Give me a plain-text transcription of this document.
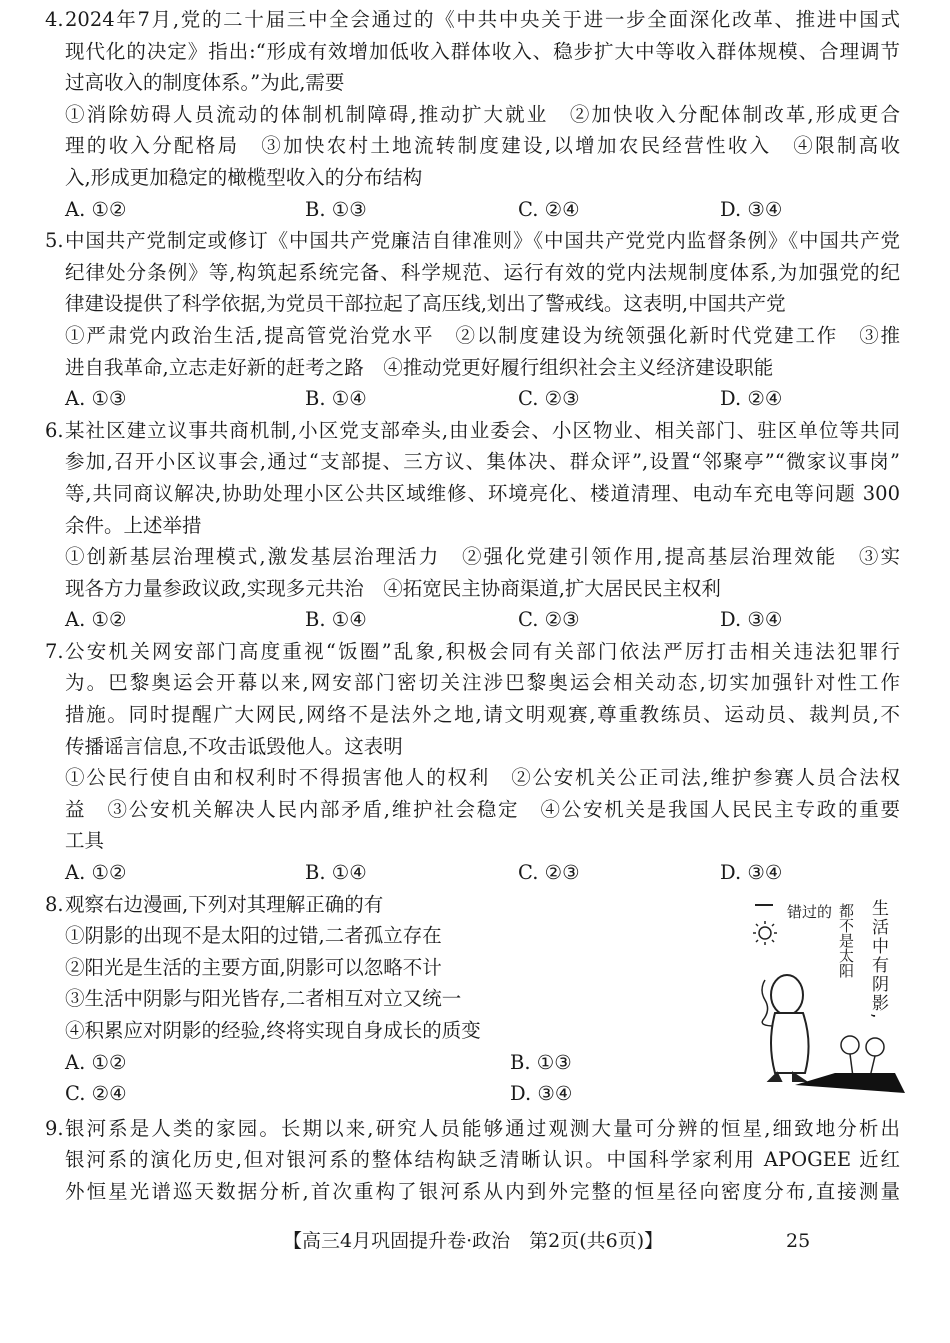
4. 2024年7月,党的二十届三中全会通过的《中共中央关于进一步全面深化改革、推进中国式
现代化的决定》指出:“形成有效增加低收入群体收入、稳步扩大中等收入群体规模、合理调节
过高收入的制度体系。”为此,需要
①消除妨碍人员流动的体制机制障碍,推动扩大就业　②加快收入分配体制改革,形成更合
理的收入分配格局　③加快农村土地流转制度建设,以增加农民经营性收入　④限制高收
入,形成更加稳定的橄榄型收入的分布结构
A. ①②	B. ①③	C. ②④	D. ③④
5. 中国共产党制定或修订《中国共产党廉洁自律准则》《中国共产党党内监督条例》《中国共产党
纪律处分条例》等,构筑起系统完备、科学规范、运行有效的党内法规制度体系,为加强党的纪
律建设提供了科学依据,为党员干部拉起了高压线,划出了警戒线。这表明,中国共产党
①严肃党内政治生活,提高管党治党水平　②以制度建设为统领强化新时代党建工作　③推
进自我革命,立志走好新的赶考之路　④推动党更好履行组织社会主义经济建设职能
A. ①③	B. ①④	C. ②③	D. ②④
6. 某社区建立议事共商机制,小区党支部牵头,由业委会、小区物业、相关部门、驻区单位等共同
参加,召开小区议事会,通过“支部提、三方议、集体决、群众评”,设置“邻聚亭”“微家议事岗”
等,共同商议解决,协助处理小区公共区域维修、环境亮化、楼道清理、电动车充电等问题 300
余件。上述举措
①创新基层治理模式,激发基层治理活力　②强化党建引领作用,提高基层治理效能　③实
现各方力量参政议政,实现多元共治　④拓宽民主协商渠道,扩大居民民主权利
A. ①②	B. ①④	C. ②③	D. ③④
7. 公安机关网安部门高度重视“饭圈”乱象,积极会同有关部门依法严厉打击相关违法犯罪行
为。巴黎奥运会开幕以来,网安部门密切关注涉巴黎奥运会相关动态,切实加强针对性工作
措施。同时提醒广大网民,网络不是法外之地,请文明观赛,尊重教练员、运动员、裁判员,不
传播谣言信息,不攻击诋毁他人。这表明
①公民行使自由和权利时不得损害他人的权利　②公安机关公正司法,维护参赛人员合法权
益　③公安机关解决人民内部矛盾,维护社会稳定　④公安机关是我国人民民主专政的重要
工具
A. ①②	B. ①④	C. ②③	D. ③④
8. 观察右边漫画,下列对其理解正确的有
①阴影的出现不是太阳的过错,二者孤立存在
②阳光是生活的主要方面,阴影可以忽略不计
③生活中阴影与阳光皆存,二者相互对立又统一
④积累应对阴影的经验,终将实现自身成长的质变
A. ①②	B. ①③
C. ②④	D. ③④
9. 银河系是人类的家园。长期以来,研究人员能够通过观测大量可分辨的恒星,细致地分析出
银河系的演化历史,但对银河系的整体结构缺乏清晰认识。中国科学家利用 APOGEE 近红
外恒星光谱巡天数据分析,首次重构了银河系从内到外完整的恒星径向密度分布,直接测量
错过的 都不是太阳 生活中有阴影,
【高三4月巩固提升卷·政治　第2页(共6页)】	25
